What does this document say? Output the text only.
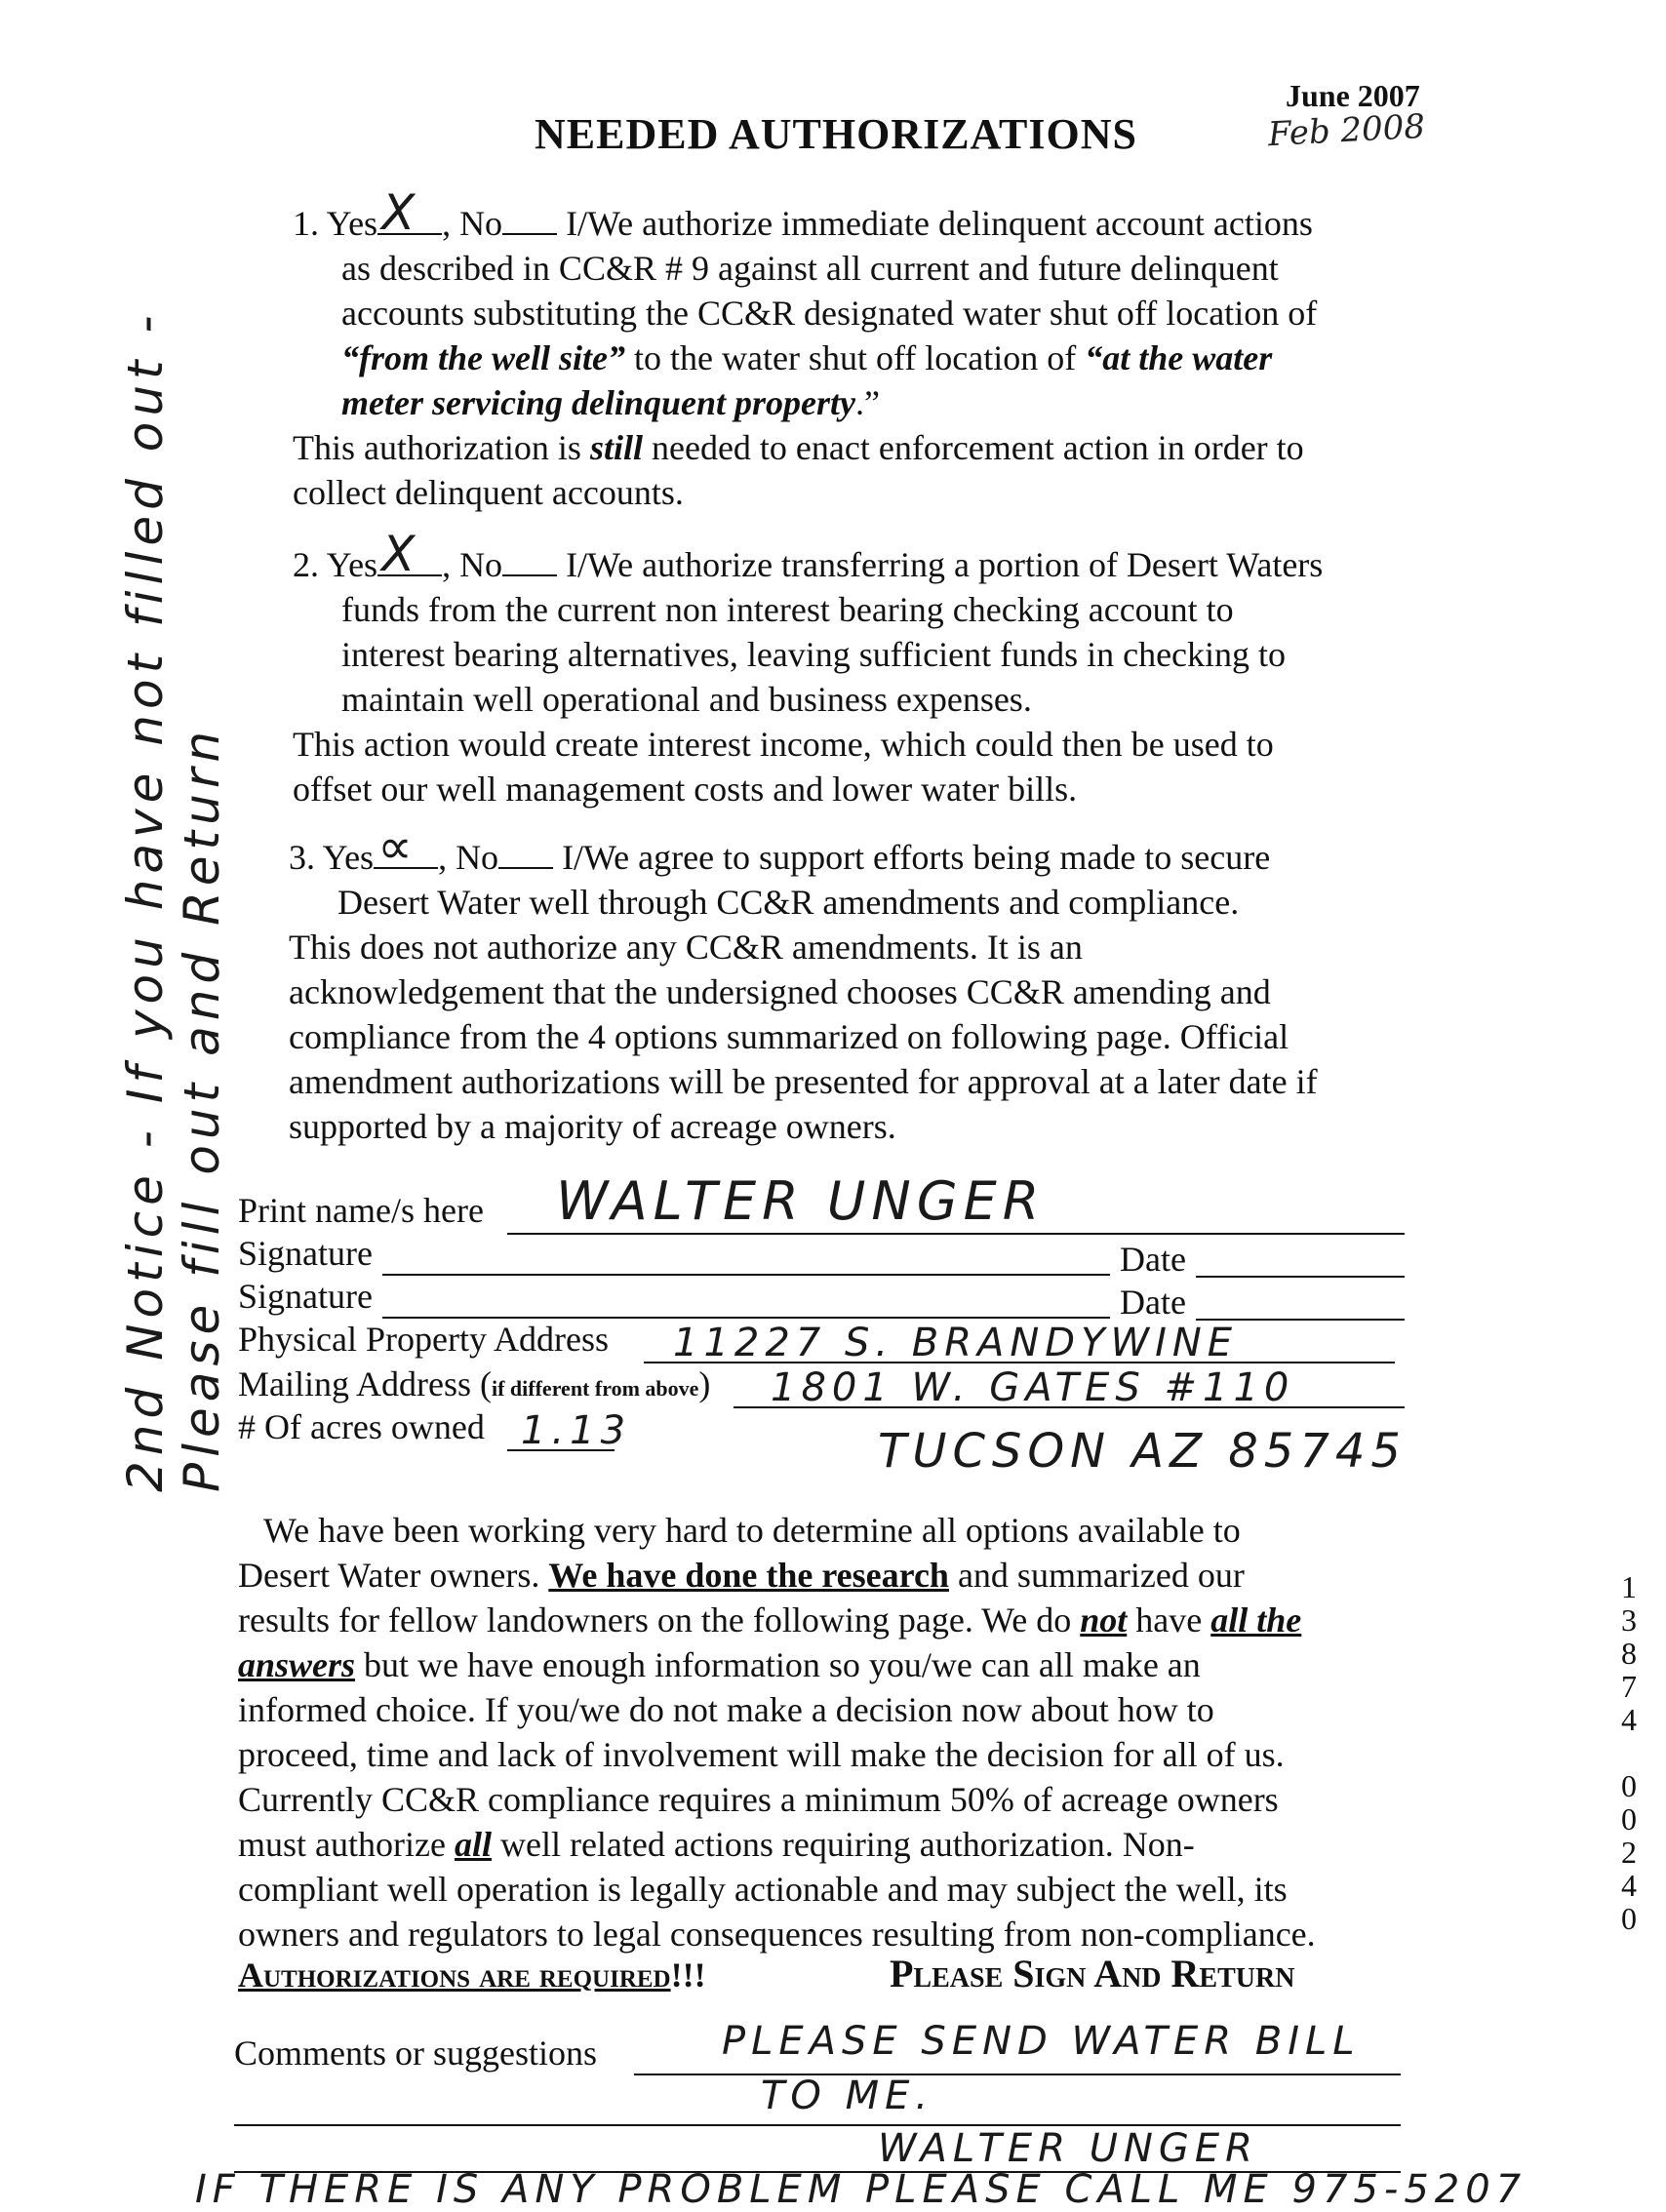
June 2007
Feb 2008
NEEDED AUTHORIZATIONS
2nd Notice - If you have not filled out - Please fill out and Return
1
3
8
7
4

0
0
2
4
0
1. Yes X , No I/We authorize immediate delinquent account actions
as described in CC&R # 9 against all current and future delinquent
accounts substituting the CC&R designated water shut off location of
“from the well site” to the water shut off location of “at the water
meter servicing delinquent property.”
This authorization is still needed to enact enforcement action in order to
collect delinquent accounts.
2. Yes X , No I/We authorize transferring a portion of Desert Waters
funds from the current non interest bearing checking account to
interest bearing alternatives, leaving sufficient funds in checking to
maintain well operational and business expenses.
This action would create interest income, which could then be used to
offset our well management costs and lower water bills.
3. Yes ∝ , No I/We agree to support efforts being made to secure
Desert Water well through CC&R amendments and compliance.
This does not authorize any CC&R amendments. It is an
acknowledgement that the undersigned chooses CC&R amending and
compliance from the 4 options summarized on following page. Official
amendment authorizations will be presented for approval at a later date if
supported by a majority of acreage owners.
Print name/s here WALTER UNGER
Signature	Date
Signature	Date
Physical Property Address 11227 S. BRANDYWINE
Mailing Address (if different from above) 1801 W. GATES #110
# Of acres owned 1.13	TUCSON AZ 85745
We have been working very hard to determine all options available to
Desert Water owners. We have done the research and summarized our
results for fellow landowners on the following page. We do not have all the
answers but we have enough information so you/we can all make an
informed choice. If you/we do not make a decision now about how to
proceed, time and lack of involvement will make the decision for all of us.
Currently CC&R compliance requires a minimum 50% of acreage owners
must authorize all well related actions requiring authorization. Non-
compliant well operation is legally actionable and may subject the well, its
owners and regulators to legal consequences resulting from non-compliance.
Authorizations are required!!!	Please Sign And Return
Comments or suggestions	PLEASE SEND WATER BILL
TO ME.
WALTER UNGER
IF THERE IS ANY PROBLEM PLEASE CALL ME 975-5207
